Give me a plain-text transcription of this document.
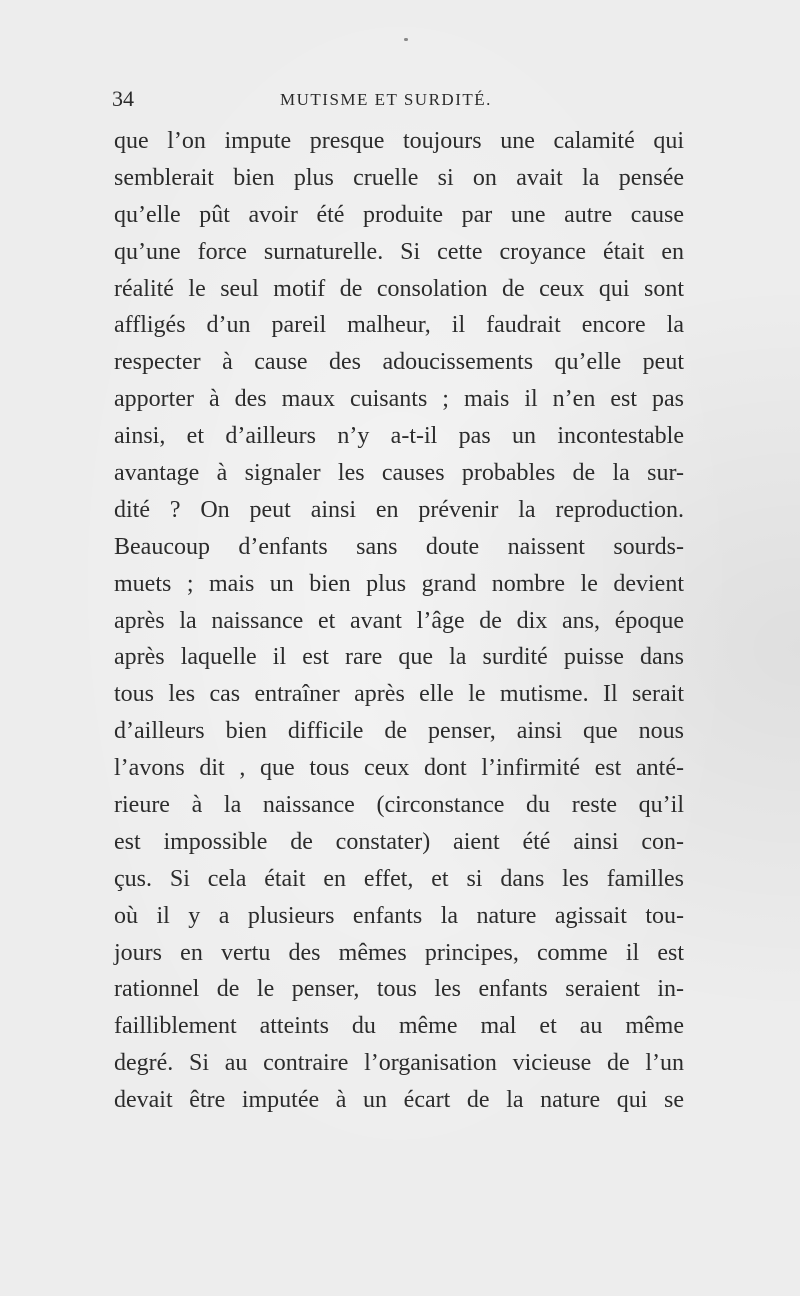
34	MUTISME ET SURDITÉ.
que l’on impute presque toujours une calamité qui
semblerait bien plus cruelle si on avait la pensée
qu’elle pût avoir été produite par une autre cause
qu’une force surnaturelle. Si cette croyance était en
réalité le seul motif de consolation de ceux qui sont
affligés d’un pareil malheur, il faudrait encore la
respecter à cause des adoucissements qu’elle peut
apporter à des maux cuisants ; mais il n’en est pas
ainsi, et d’ailleurs n’y a-t-il pas un incontestable
avantage à signaler les causes probables de la sur-
dité ? On peut ainsi en prévenir la reproduction.
Beaucoup d’enfants sans doute naissent sourds-
muets ; mais un bien plus grand nombre le devient
après la naissance et avant l’âge de dix ans, époque
après laquelle il est rare que la surdité puisse dans
tous les cas entraîner après elle le mutisme. Il serait
d’ailleurs bien difficile de penser, ainsi que nous
l’avons dit , que tous ceux dont l’infirmité est anté-
rieure à la naissance (circonstance du reste qu’il
est impossible de constater) aient été ainsi con-
çus. Si cela était en effet, et si dans les familles
où il y a plusieurs enfants la nature agissait tou-
jours en vertu des mêmes principes, comme il est
rationnel de le penser, tous les enfants seraient in-
failliblement atteints du même mal et au même
degré. Si au contraire l’organisation vicieuse de l’un
devait être imputée à un écart de la nature qui se
